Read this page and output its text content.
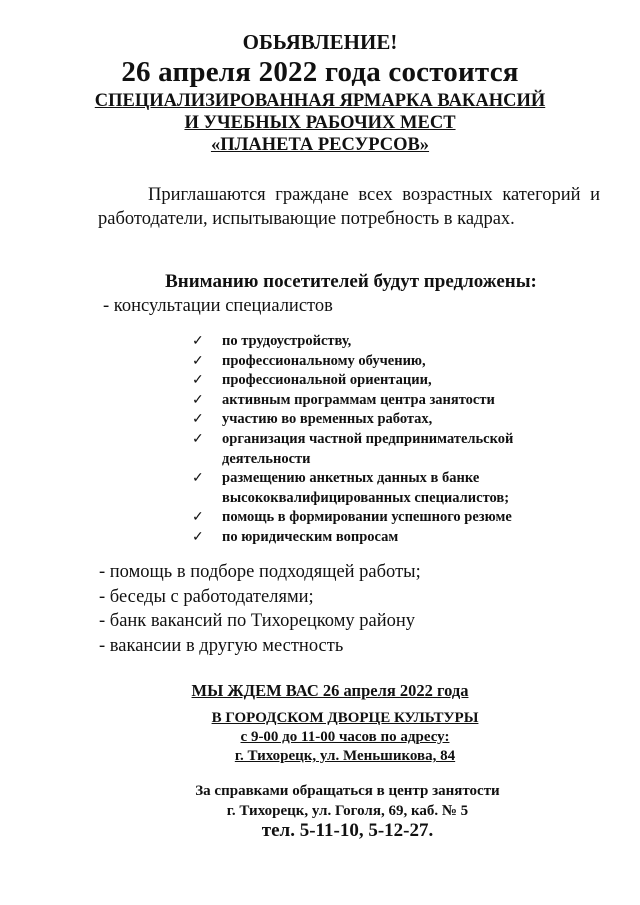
ОБЬЯВЛЕНИЕ!
26 апреля 2022 года состоится
СПЕЦИАЛИЗИРОВАННАЯ ЯРМАРКА ВАКАНСИЙ
И УЧЕБНЫХ РАБОЧИХ МЕСТ
«ПЛАНЕТА РЕСУРСОВ»
Приглашаются граждане всех возрастных категорий и работодатели, испытывающие потребность в кадрах.
Вниманию посетителей будут предложены:
- консультации специалистов
✓ по трудоустройству,
✓ профессиональному обучению,
✓ профессиональной ориентации,
✓ активным программам центра занятости
✓ участию во временных работах,
✓ организация частной предпринимательской деятельности
✓ размещению анкетных данных в банке высококвалифицированных специалистов;
✓ помощь в формировании успешного резюме
✓ по юридическим вопросам
- помощь в подборе подходящей работы;
- беседы с работодателями;
- банк вакансий по Тихорецкому району
- вакансии в другую местность
МЫ ЖДЕМ ВАС 26 апреля 2022 года
В ГОРОДСКОМ ДВОРЦЕ КУЛЬТУРЫ
с 9-00 до 11-00 часов по адресу:
г. Тихорецк, ул. Меньшикова, 84
За справками обращаться в центр занятости
г. Тихорецк, ул. Гоголя, 69, каб. № 5
тел. 5-11-10, 5-12-27.
